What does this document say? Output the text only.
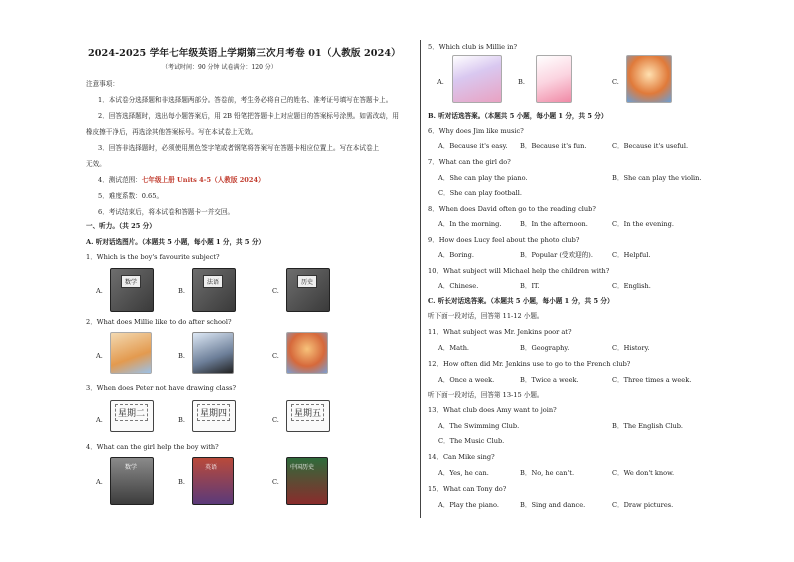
2024-2025 学年七年级英语上学期第三次月考卷 01（人教版 2024）
（考试时间：90 分钟 试卷满分：120 分）
注意事项：
1．本试卷分选择题和非选择题两部分。答卷前，考生务必将自己的姓名、准考证号填写在答题卡上。
2．回答选择题时，选出每小题答案后，用 2B 铅笔把答题卡上对应题目的答案标号涂黑。如需改动，用
橡皮擦干净后，再选涂其他答案标号。写在本试卷上无效。
3．回答非选择题时，必须使用黑色签字笔或者钢笔将答案写在答题卡相应位置上。写在本试卷上
无效。
4．测试范围：七年级上册 Units 4-5（人教版 2024）
5．难度系数：0.65。
6．考试结束后，将本试卷和答题卡一并交回。
一、听力。（共 25 分）
A. 听对话选图片。（本题共 5 小题，每小题 1 分，共 5 分）
1．Which is the boy's favourite subject?
A.
数学
B.
法语
C.
历史
2．What does Millie like to do after school?
A.	B.	C.
3．When does Peter not have drawing class?
A.
星期二
B.
星期四
C.
星期五
4．What can the girl help the boy with?
A.
数学
B.
英语
C.
中国历史
5．Which club is Millie in?
A.	B.	C.
B. 听对话选答案。（本题共 5 小题，每小题 1 分，共 5 分）
6．Why does Jim like music?
A．Because it's easy. B．Because it's fun.	C．Because it's useful.
7．What can the girl do?
A．She can play the piano.	B．She can play the violin.
C．She can play football.
8．When does David often go to the reading club?
A．In the morning.	B．In the afternoon.	C．In the evening.
9．How does Lucy feel about the photo club?
A．Boring.	B．Popular (受欢迎的).	C．Helpful.
10．What subject will Michael help the children with?
A．Chinese.	B．IT.	C．English.
C. 听长对话选答案。（本题共 5 小题，每小题 1 分，共 5 分）
听下面一段对话，回答第 11-12 小题。
11．What subject was Mr. Jenkins poor at?
A．Math.	B．Geography.	C．History.
12．How often did Mr. Jenkins use to go to the French club?
A．Once a week.	B．Twice a week.	C．Three times a week.
听下面一段对话，回答第 13-15 小题。
13．What club does Amy want to join?
A．The Swimming Club.	B．The English Club.
C．The Music Club.
14．Can Mike sing?
A．Yes, he can.	B．No, he can't.	C．We don't know.
15．What can Tony do?
A．Play the piano.	B．Sing and dance.	C．Draw pictures.
